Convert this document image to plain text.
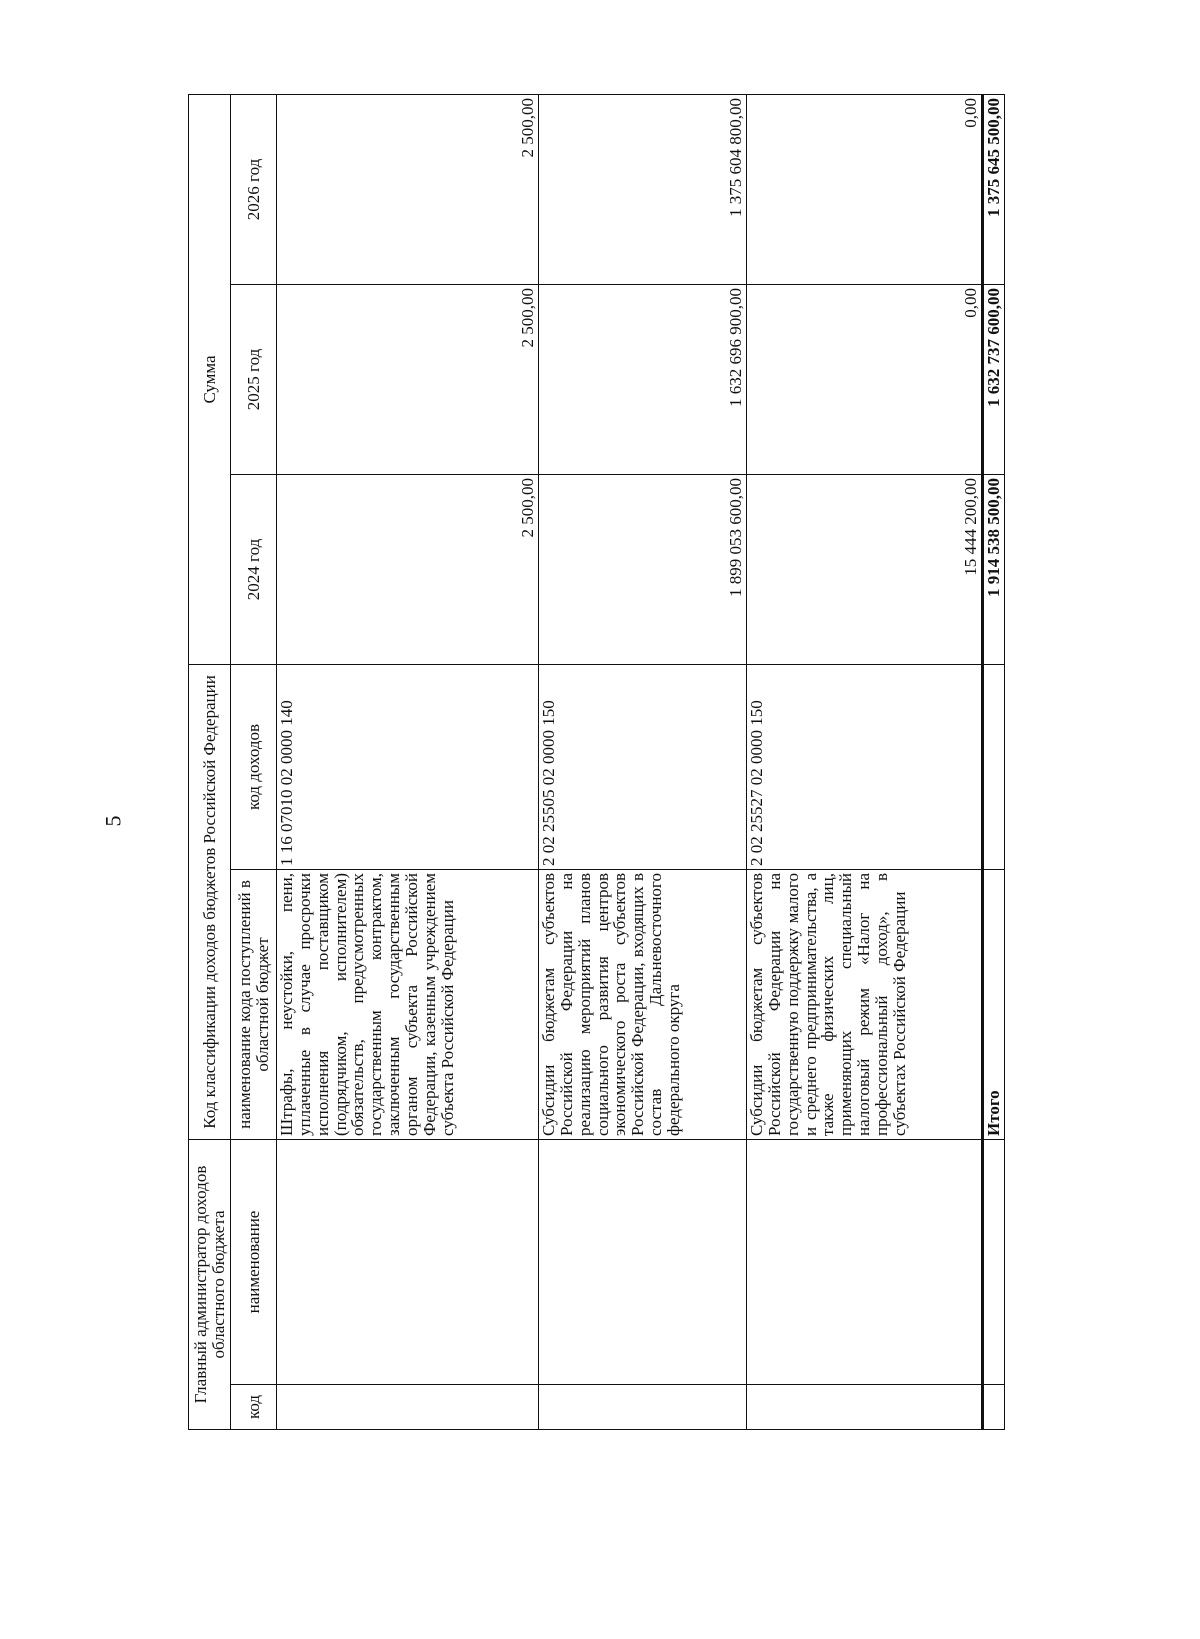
5
Главный администратор доходов областного бюджета		Код классификации доходов бюджетов Российской Федерации		Сумма		
код	наименование	наименование кода поступлений в областной бюджет	код доходов	2024 год	2025 год	2026 год
		Штрафы, неустойки, пени, уплаченные в случае просрочки исполнения поставщиком (подрядчиком, исполнителем) обязательств, предусмотренных государственным контрактом, заключенным государственным органом субъекта Российской Федерации, казенным учреждением субъекта Российской Федерации	1 16 07010 02 0000 140	2 500,00	2 500,00	2 500,00
		Субсидии бюджетам субъектов Российской Федерации на реализацию мероприятий планов социального развития центров экономического роста субъектов Российской Федерации, входящих в состав Дальневосточного федерального округа	2 02 25505 02 0000 150	1 899 053 600,00	1 632 696 900,00	1 375 604 800,00
		Субсидии бюджетам субъектов Российской Федерации на государственную поддержку малого и среднего предпринимательства, а также физических лиц, применяющих специальный налоговый режим «Налог на профессиональный доход», в субъектах Российской Федерации	2 02 25527 02 0000 150	15 444 200,00	0,00	0,00
		Итого		1 914 538 500,00	1 632 737 600,00	1 375 645 500,00
